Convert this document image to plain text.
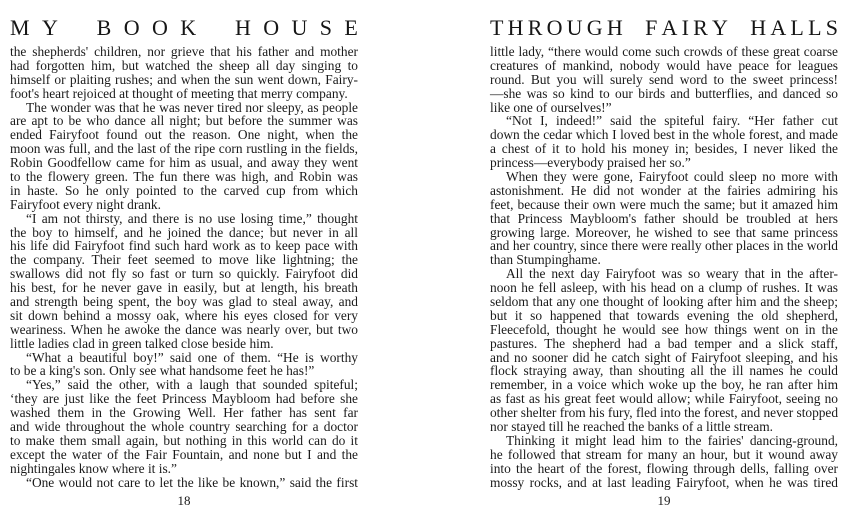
M Y B O O K H O U S E
the shepherds' children, nor grieve that his father and mother
had forgotten him, but watched the sheep all day singing to
himself or plaiting rushes; and when the sun went down, Fairy-
foot's heart rejoiced at thought of meeting that merry company.
The wonder was that he was never tired nor sleepy, as people
are apt to be who dance all night; but before the summer was
ended Fairyfoot found out the reason. One night, when the
moon was full, and the last of the ripe corn rustling in the fields,
Robin Goodfellow came for him as usual, and away they went
to the flowery green. The fun there was high, and Robin was
in haste. So he only pointed to the carved cup from which
Fairyfoot every night drank.
“I am not thirsty, and there is no use losing time,” thought
the boy to himself, and he joined the dance; but never in all
his life did Fairyfoot find such hard work as to keep pace with
the company. Their feet seemed to move like lightning; the
swallows did not fly so fast or turn so quickly. Fairyfoot did
his best, for he never gave in easily, but at length, his breath
and strength being spent, the boy was glad to steal away, and
sit down behind a mossy oak, where his eyes closed for very
weariness. When he awoke the dance was nearly over, but two
little ladies clad in green talked close beside him.
“What a beautiful boy!” said one of them. “He is worthy
to be a king's son. Only see what handsome feet he has!”
“Yes,” said the other, with a laugh that sounded spiteful;
‘they are just like the feet Princess Maybloom had before she
washed them in the Growing Well. Her father has sent far
and wide throughout the whole country searching for a doctor
to make them small again, but nothing in this world can do it
except the water of the Fair Fountain, and none but I and the
nightingales know where it is.”
“One would not care to let the like be known,” said the first
18
T H R O U G H F A I R Y H A L L S
little lady, “there would come such crowds of these great coarse
creatures of mankind, nobody would have peace for leagues
round. But you will surely send word to the sweet princess!
—she was so kind to our birds and butterflies, and danced so
like one of ourselves!”
“Not I, indeed!” said the spiteful fairy. “Her father cut
down the cedar which I loved best in the whole forest, and made
a chest of it to hold his money in; besides, I never liked the
princess—everybody praised her so.”
When they were gone, Fairyfoot could sleep no more with
astonishment. He did not wonder at the fairies admiring his
feet, because their own were much the same; but it amazed him
that Princess Maybloom's father should be troubled at hers
growing large. Moreover, he wished to see that same princess
and her country, since there were really other places in the world
than Stumpinghame.
All the next day Fairyfoot was so weary that in the after-
noon he fell asleep, with his head on a clump of rushes. It was
seldom that any one thought of looking after him and the sheep;
but it so happened that towards evening the old shepherd,
Fleecefold, thought he would see how things went on in the
pastures. The shepherd had a bad temper and a slick staff,
and no sooner did he catch sight of Fairyfoot sleeping, and his
flock straying away, than shouting all the ill names he could
remember, in a voice which woke up the boy, he ran after him
as fast as his great feet would allow; while Fairyfoot, seeing no
other shelter from his fury, fled into the forest, and never stopped
nor stayed till he reached the banks of a little stream.
Thinking it might lead him to the fairies' dancing-ground,
he followed that stream for many an hour, but it wound away
into the heart of the forest, flowing through dells, falling over
mossy rocks, and at last leading Fairyfoot, when he was tired
19
